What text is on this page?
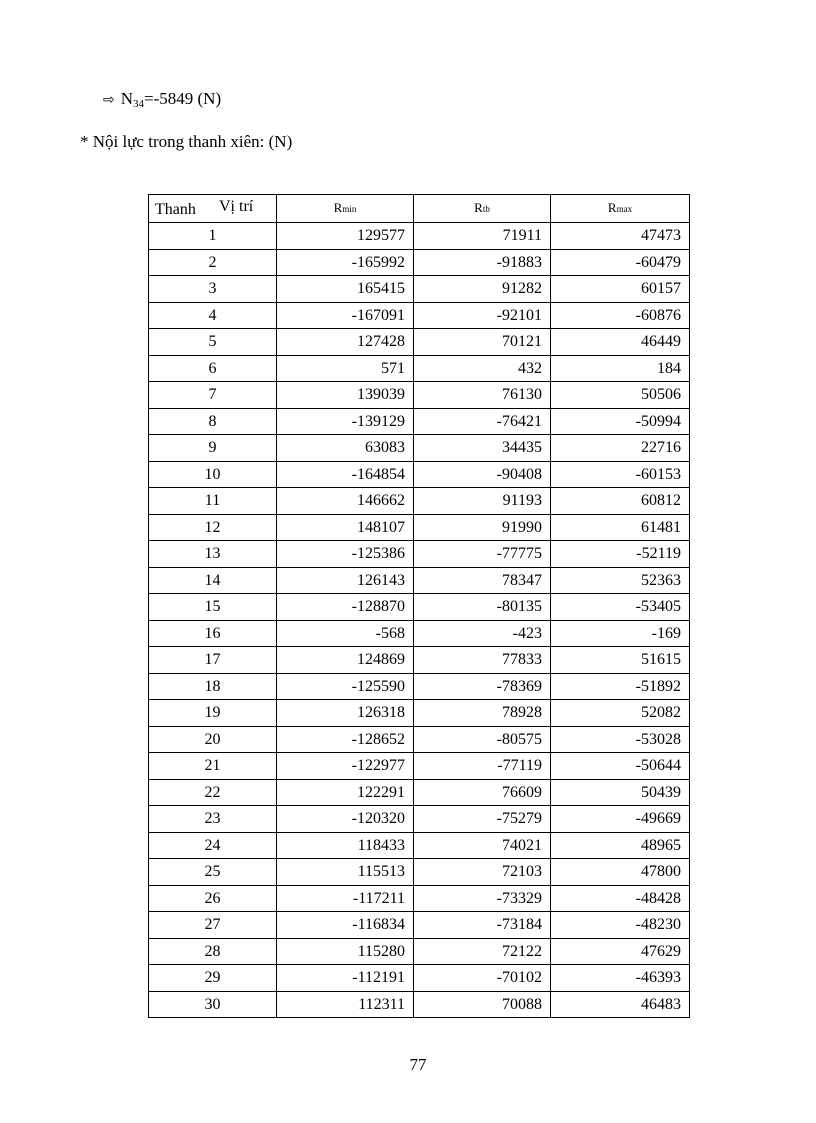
⇨ $N_{34}=-5849$ (N)
* Nội lực trong thanh xiên: (N)
Vị trí
Thanh	Rmin	Rtb	Rmax
1	129577	71911	47473
2	-165992	-91883	-60479
3	165415	91282	60157
4	-167091	-92101	-60876
5	127428	70121	46449
6	571	432	184
7	139039	76130	50506
8	-139129	-76421	-50994
9	63083	34435	22716
10	-164854	-90408	-60153
11	146662	91193	60812
12	148107	91990	61481
13	-125386	-77775	-52119
14	126143	78347	52363
15	-128870	-80135	-53405
16	-568	-423	-169
17	124869	77833	51615
18	-125590	-78369	-51892
19	126318	78928	52082
20	-128652	-80575	-53028
21	-122977	-77119	-50644
22	122291	76609	50439
23	-120320	-75279	-49669
24	118433	74021	48965
25	115513	72103	47800
26	-117211	-73329	-48428
27	-116834	-73184	-48230
28	115280	72122	47629
29	-112191	-70102	-46393
30	112311	70088	46483
77
